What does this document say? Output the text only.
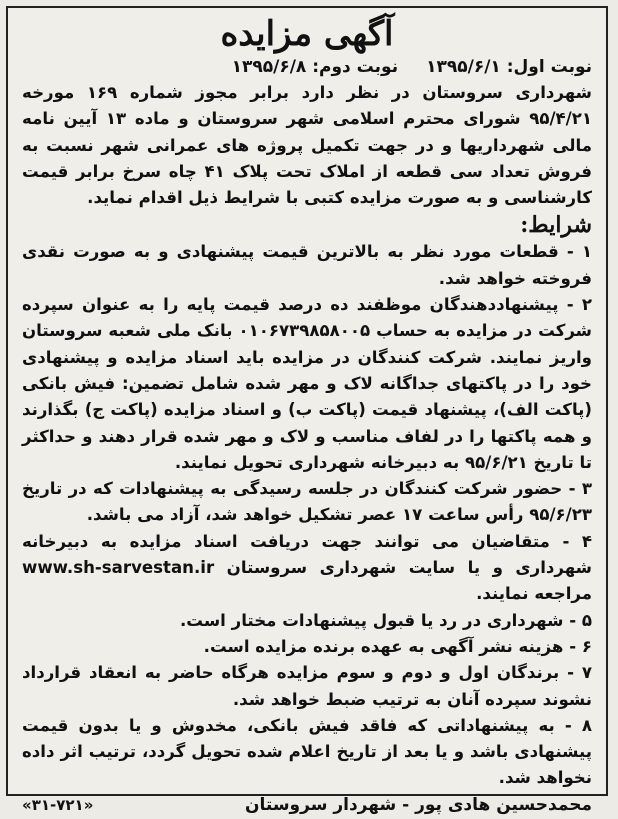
آگهی مزایده
نوبت اول: ۱۳۹۵/۶/۱
نوبت دوم: ۱۳۹۵/۶/۸

شهرداری سروستان در نظر دارد برابر مجوز شماره ۱۶۹ مورخه ۹۵/۴/۲۱ شورای محترم اسلامی شهر سروستان و ماده ۱۳ آیین نامه مالی شهرداریها و در جهت تکمیل پروژه های عمرانی شهر نسبت به فروش تعداد سی قطعه از املاک تحت پلاک ۴۱ چاه سرخ برابر قیمت کارشناسی و به صورت مزایده کتبی با شرایط ذیل اقدام نماید.

شرایط:

۱ - قطعات مورد نظر به بالاترین قیمت پیشنهادی و به صورت نقدی فروخته خواهد شد.

۲ - پیشنهاددهندگان موظفند ده درصد قیمت پایه را به عنوان سپرده شرکت در مزایده به حساب ۰۱۰۶۷۳۹۸۵۸۰۰۵ بانک ملی شعبه سروستان واریز نمایند. شرکت کنندگان در مزایده باید اسناد مزایده و پیشنهادی خود را در پاکتهای جداگانه لاک و مهر شده شامل تضمین: فیش بانکی (پاکت الف)، پیشنهاد قیمت (پاکت ب) و اسناد مزایده (پاکت ج) بگذارند و همه پاکتها را در لفاف مناسب و لاک و مهر شده قرار دهند و حداکثر تا تاریخ ۹۵/۶/۲۱ به دبیرخانه شهرداری تحویل نمایند.

۳ - حضور شرکت کنندگان در جلسه رسیدگی به پیشنهادات که در تاریخ ۹۵/۶/۲۳ رأس ساعت ۱۷ عصر تشکیل خواهد شد، آزاد می باشد.

۴ - متقاضیان می توانند جهت دریافت اسناد مزایده به دبیرخانه شهرداری و یا سایت شهرداری سروستان www.sh-sarvestan.ir مراجعه نمایند.

۵ - شهرداری در رد یا قبول پیشنهادات مختار است.

۶ - هزینه نشر آگهی به عهده برنده مزایده است.

۷ - برندگان اول و دوم و سوم مزایده هرگاه حاضر به انعقاد قرارداد نشوند سپرده آنان به ترتیب ضبط خواهد شد.

۸ - به پیشنهاداتی که فاقد فیش بانکی، مخدوش و یا بدون قیمت پیشنهادی باشد و یا بعد از تاریخ اعلام شده تحویل گردد، ترتیب اثر داده نخواهد شد.

محمدحسین هادی پور - شهردار سروستان
«۳۱-۷۲۱»
